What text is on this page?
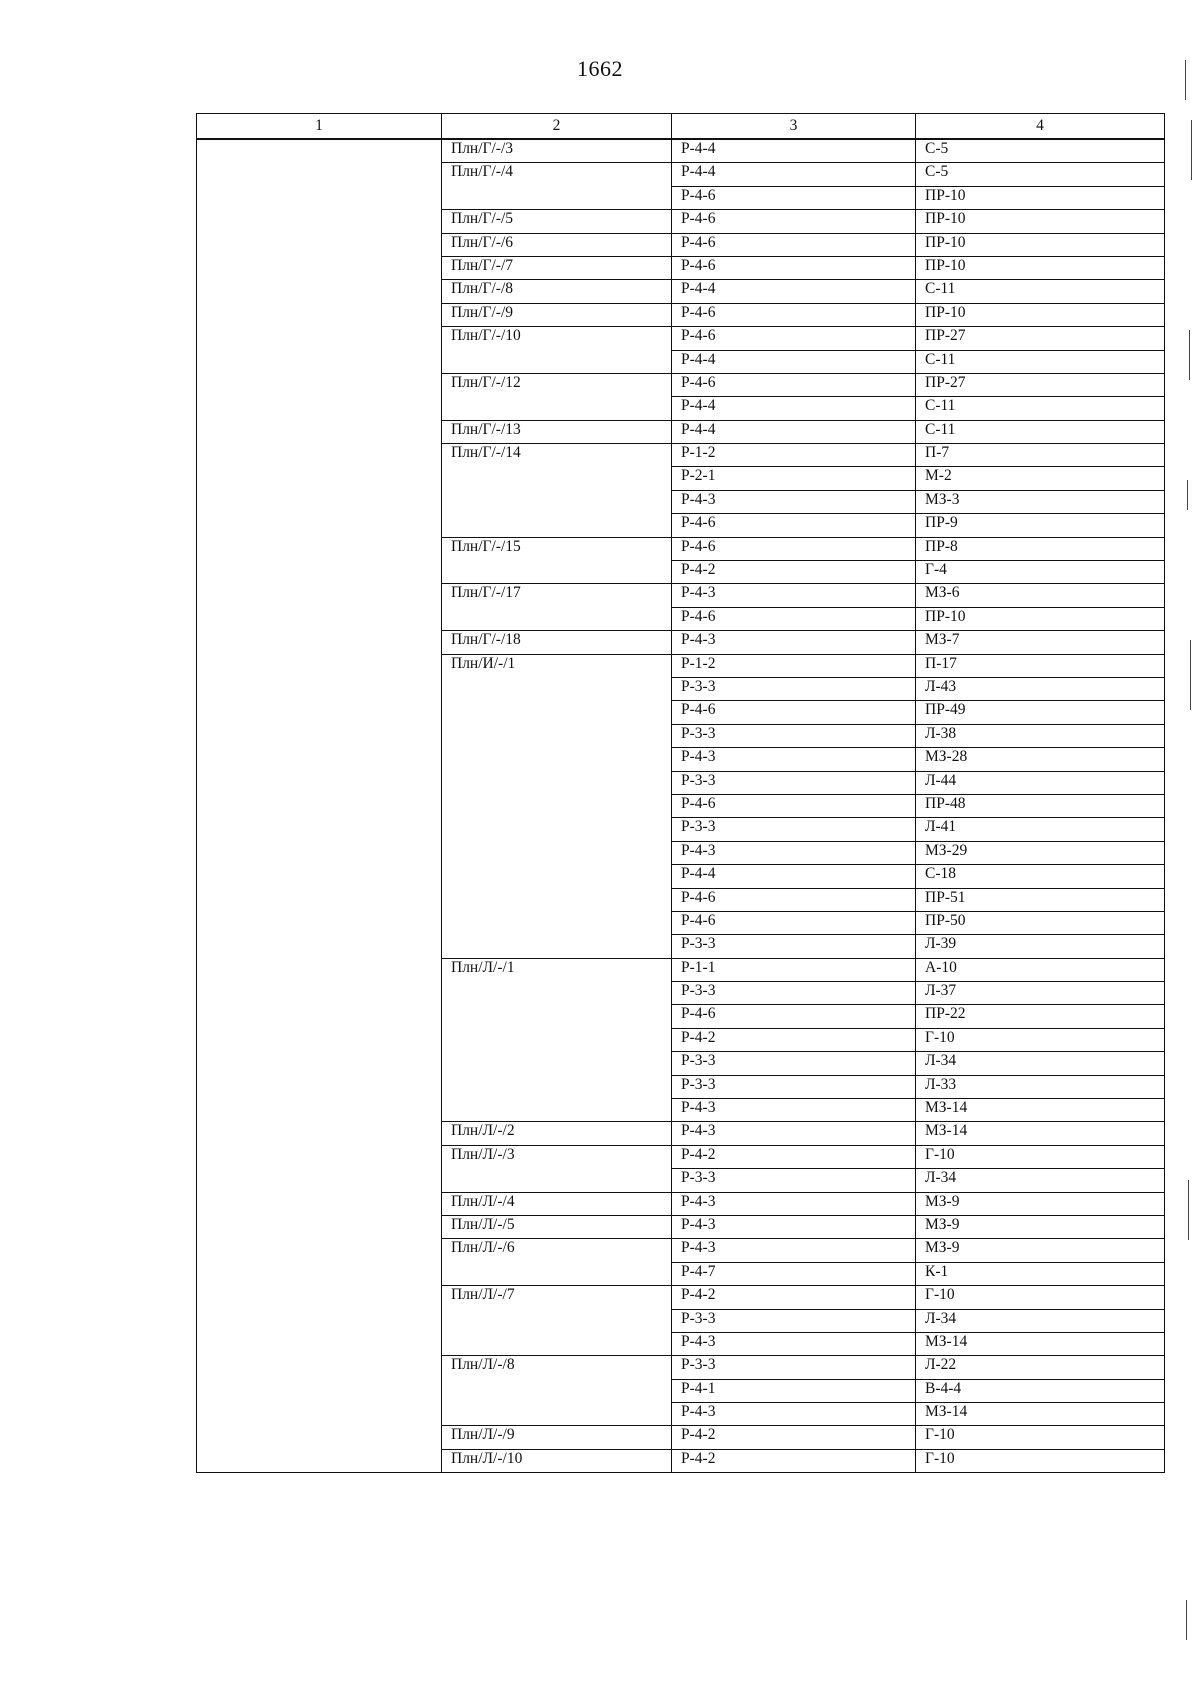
1662
1	2	3	4
	Плн/Г/-/3	Р-4-4	С-5
	Плн/Г/-/4	Р-4-4	С-5
		Р-4-6	ПР-10
	Плн/Г/-/5	Р-4-6	ПР-10
	Плн/Г/-/6	Р-4-6	ПР-10
	Плн/Г/-/7	Р-4-6	ПР-10
	Плн/Г/-/8	Р-4-4	С-11
	Плн/Г/-/9	Р-4-6	ПР-10
	Плн/Г/-/10	Р-4-6	ПР-27
		Р-4-4	С-11
	Плн/Г/-/12	Р-4-6	ПР-27
		Р-4-4	С-11
	Плн/Г/-/13	Р-4-4	С-11
	Плн/Г/-/14	Р-1-2	П-7
		Р-2-1	М-2
		Р-4-3	МЗ-3
		Р-4-6	ПР-9
	Плн/Г/-/15	Р-4-6	ПР-8
		Р-4-2	Г-4
	Плн/Г/-/17	Р-4-3	МЗ-6
		Р-4-6	ПР-10
	Плн/Г/-/18	Р-4-3	МЗ-7
	Плн/И/-/1	Р-1-2	П-17
		Р-3-3	Л-43
		Р-4-6	ПР-49
		Р-3-3	Л-38
		Р-4-3	МЗ-28
		Р-3-3	Л-44
		Р-4-6	ПР-48
		Р-3-3	Л-41
		Р-4-3	МЗ-29
		Р-4-4	С-18
		Р-4-6	ПР-51
		Р-4-6	ПР-50
		Р-3-3	Л-39
	Плн/Л/-/1	Р-1-1	А-10
		Р-3-3	Л-37
		Р-4-6	ПР-22
		Р-4-2	Г-10
		Р-3-3	Л-34
		Р-3-3	Л-33
		Р-4-3	МЗ-14
	Плн/Л/-/2	Р-4-3	МЗ-14
	Плн/Л/-/3	Р-4-2	Г-10
		Р-3-3	Л-34
	Плн/Л/-/4	Р-4-3	МЗ-9
	Плн/Л/-/5	Р-4-3	МЗ-9
	Плн/Л/-/6	Р-4-3	МЗ-9
		Р-4-7	К-1
	Плн/Л/-/7	Р-4-2	Г-10
		Р-3-3	Л-34
		Р-4-3	МЗ-14
	Плн/Л/-/8	Р-3-3	Л-22
		Р-4-1	В-4-4
		Р-4-3	МЗ-14
	Плн/Л/-/9	Р-4-2	Г-10
	Плн/Л/-/10	Р-4-2	Г-10
